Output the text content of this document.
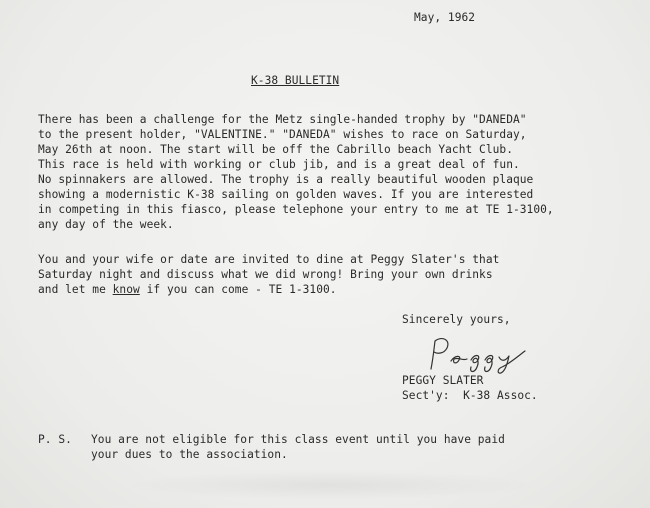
May, 1962
K-38 BULLETIN
There has been a challenge for the Metz single-handed trophy by "DANEDA"
to the present holder, "VALENTINE." "DANEDA" wishes to race on Saturday,
May 26th at noon. The start will be off the Cabrillo beach Yacht Club.
This race is held with working or club jib, and is a great deal of fun.
No spinnakers are allowed. The trophy is a really beautiful wooden plaque
showing a modernistic K-38 sailing on golden waves. If you are interested
in competing in this fiasco, please telephone your entry to me at TE 1-3100,
any day of the week.
You and your wife or date are invited to dine at Peggy Slater's that
Saturday night and discuss what we did wrong! Bring your own drinks
and let me know if you can come - TE 1-3100.
Sincerely yours,
PEGGY SLATER
Sect'y:  K-38 Assoc.
P. S. You are not eligible for this class event until you have paid
your dues to the association.
